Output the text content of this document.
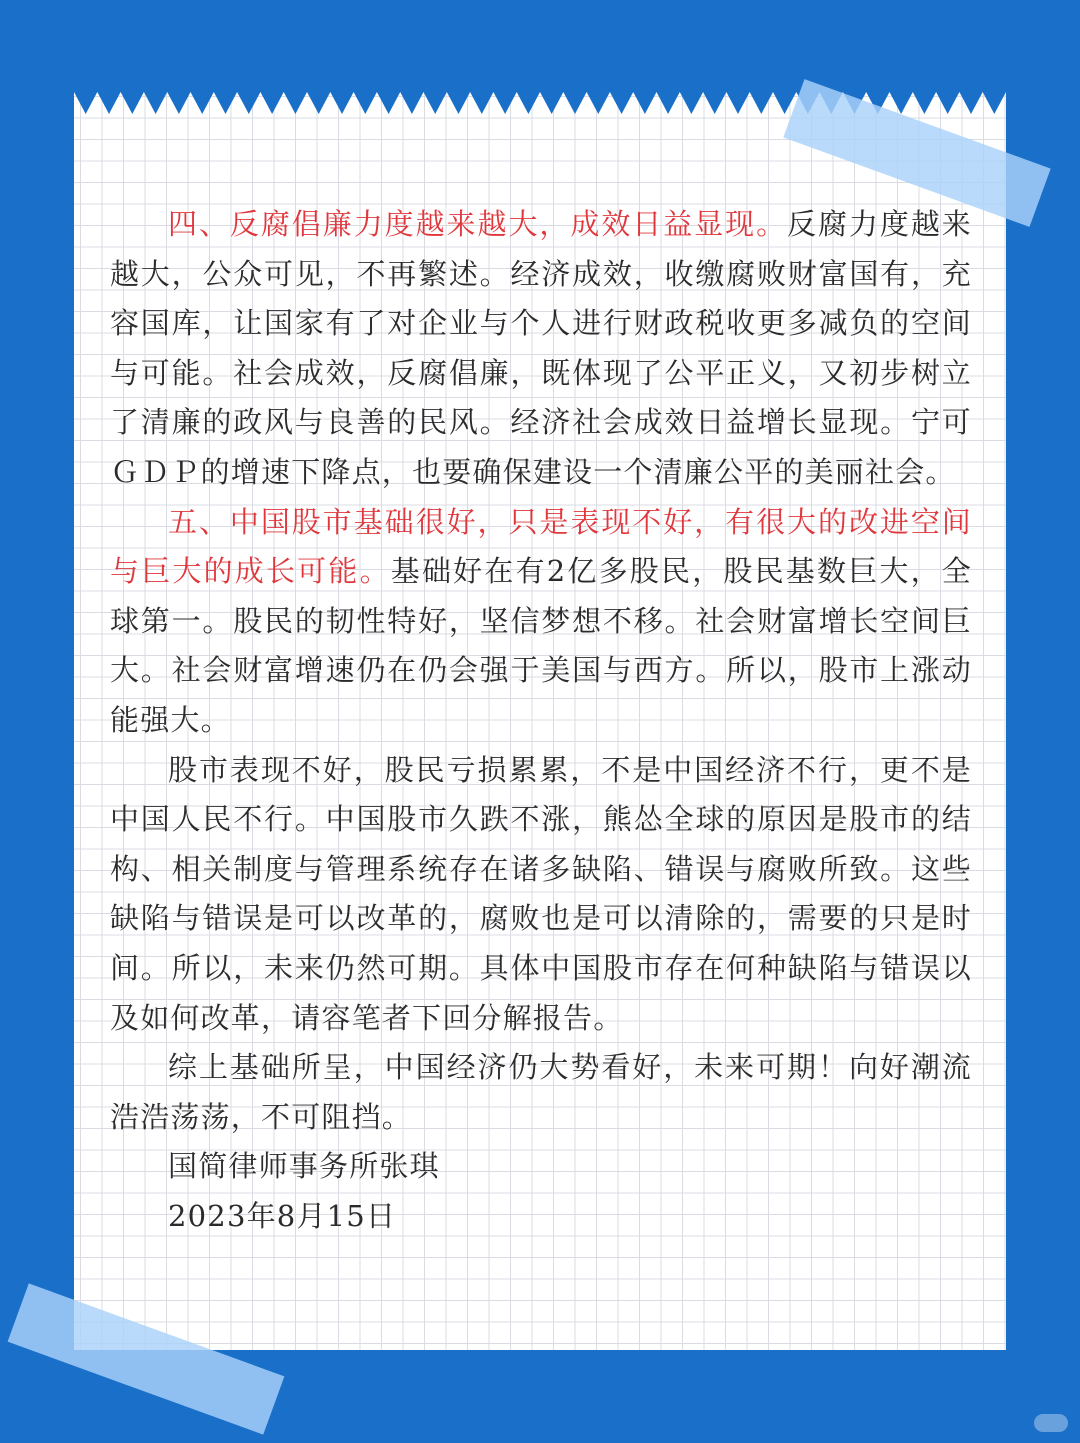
四、反腐倡廉力度越来越大，成效日益显现。反腐力度越来越大，公众可见，不再繁述。经济成效，收缴腐败财富国有，充容国库，让国家有了对企业与个人进行财政税收更多减负的空间与可能。社会成效，反腐倡廉，既体现了公平正义，又初步树立了清廉的政风与良善的民风。经济社会成效日益增长显现。宁可ＧＤＰ的增速下降点，也要确保建设一个清廉公平的美丽社会。

五、中国股市基础很好，只是表现不好，有很大的改进空间与巨大的成长可能。基础好在有2亿多股民，股民基数巨大，全球第一。股民的韧性特好，坚信梦想不移。社会财富增长空间巨大。社会财富增速仍在仍会强于美国与西方。所以，股市上涨动能强大。

股市表现不好，股民亏损累累，不是中国经济不行，更不是中国人民不行。中国股市久跌不涨，熊怂全球的原因是股市的结构、相关制度与管理系统存在诸多缺陷、错误与腐败所致。这些缺陷与错误是可以改革的，腐败也是可以清除的，需要的只是时间。所以，未来仍然可期。具体中国股市存在何种缺陷与错误以及如何改革，请容笔者下回分解报告。

综上基础所呈，中国经济仍大势看好，未来可期！向好潮流浩浩荡荡，不可阻挡。

国简律师事务所张琪

2023年8月15日
